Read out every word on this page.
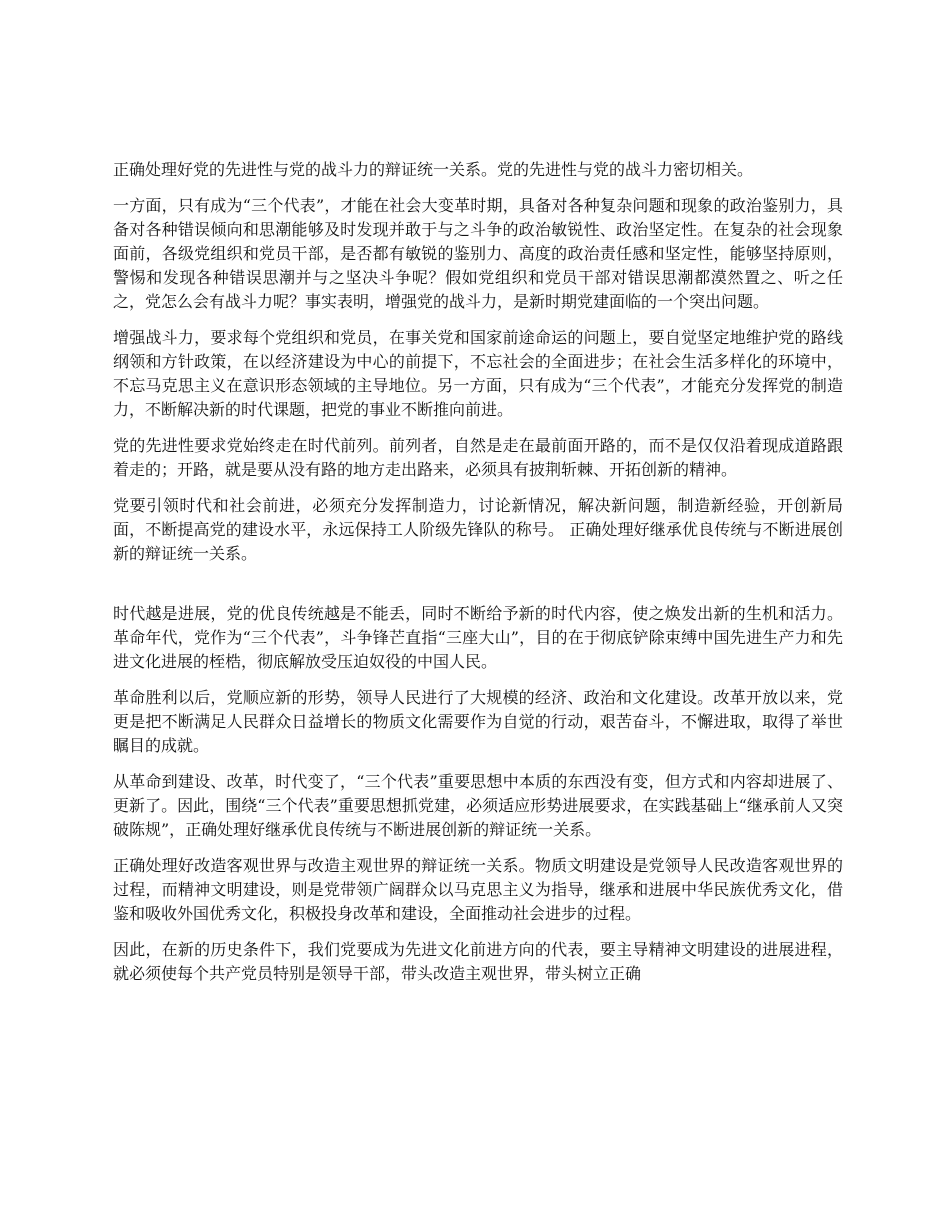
正确处理好党的先进性与党的战斗力的辩证统一关系。党的先进性与党的战斗力密切相关。

一方面，只有成为“三个代表”，才能在社会大变革时期，具备对各种复杂问题和现象的政治鉴别力，具备对各种错误倾向和思潮能够及时发现并敢于与之斗争的政治敏锐性、政治坚定性。在复杂的社会现象面前，各级党组织和党员干部，是否都有敏锐的鉴别力、高度的政治责任感和坚定性，能够坚持原则，警惕和发现各种错误思潮并与之坚决斗争呢？假如党组织和党员干部对错误思潮都漠然置之、听之任之，党怎么会有战斗力呢？事实表明，增强党的战斗力，是新时期党建面临的一个突出问题。

增强战斗力，要求每个党组织和党员，在事关党和国家前途命运的问题上，要自觉坚定地维护党的路线纲领和方针政策，在以经济建设为中心的前提下，不忘社会的全面进步；在社会生活多样化的环境中，不忘马克思主义在意识形态领域的主导地位。另一方面，只有成为“三个代表”，才能充分发挥党的制造力，不断解决新的时代课题，把党的事业不断推向前进。

党的先进性要求党始终走在时代前列。前列者，自然是走在最前面开路的，而不是仅仅沿着现成道路跟着走的；开路，就是要从没有路的地方走出路来，必须具有披荆斩棘、开拓创新的精神。

党要引领时代和社会前进，必须充分发挥制造力，讨论新情况，解决新问题，制造新经验，开创新局面，不断提高党的建设水平，永远保持工人阶级先锋队的称号。 正确处理好继承优良传统与不断进展创新的辩证统一关系。

时代越是进展，党的优良传统越是不能丢，同时不断给予新的时代内容，使之焕发出新的生机和活力。革命年代，党作为“三个代表”，斗争锋芒直指“三座大山”，目的在于彻底铲除束缚中国先进生产力和先进文化进展的桎梏，彻底解放受压迫奴役的中国人民。

革命胜利以后，党顺应新的形势，领导人民进行了大规模的经济、政治和文化建设。改革开放以来，党更是把不断满足人民群众日益增长的物质文化需要作为自觉的行动，艰苦奋斗，不懈进取，取得了举世瞩目的成就。

从革命到建设、改革，时代变了，“三个代表”重要思想中本质的东西没有变，但方式和内容却进展了、更新了。因此，围绕“三个代表”重要思想抓党建，必须适应形势进展要求，在实践基础上“继承前人又突破陈规”，正确处理好继承优良传统与不断进展创新的辩证统一关系。

正确处理好改造客观世界与改造主观世界的辩证统一关系。物质文明建设是党领导人民改造客观世界的过程，而精神文明建设，则是党带领广阔群众以马克思主义为指导，继承和进展中华民族优秀文化，借鉴和吸收外国优秀文化，积极投身改革和建设，全面推动社会进步的过程。

因此，在新的历史条件下，我们党要成为先进文化前进方向的代表，要主导精神文明建设的进展进程，就必须使每个共产党员特别是领导干部，带头改造主观世界，带头树立正确
